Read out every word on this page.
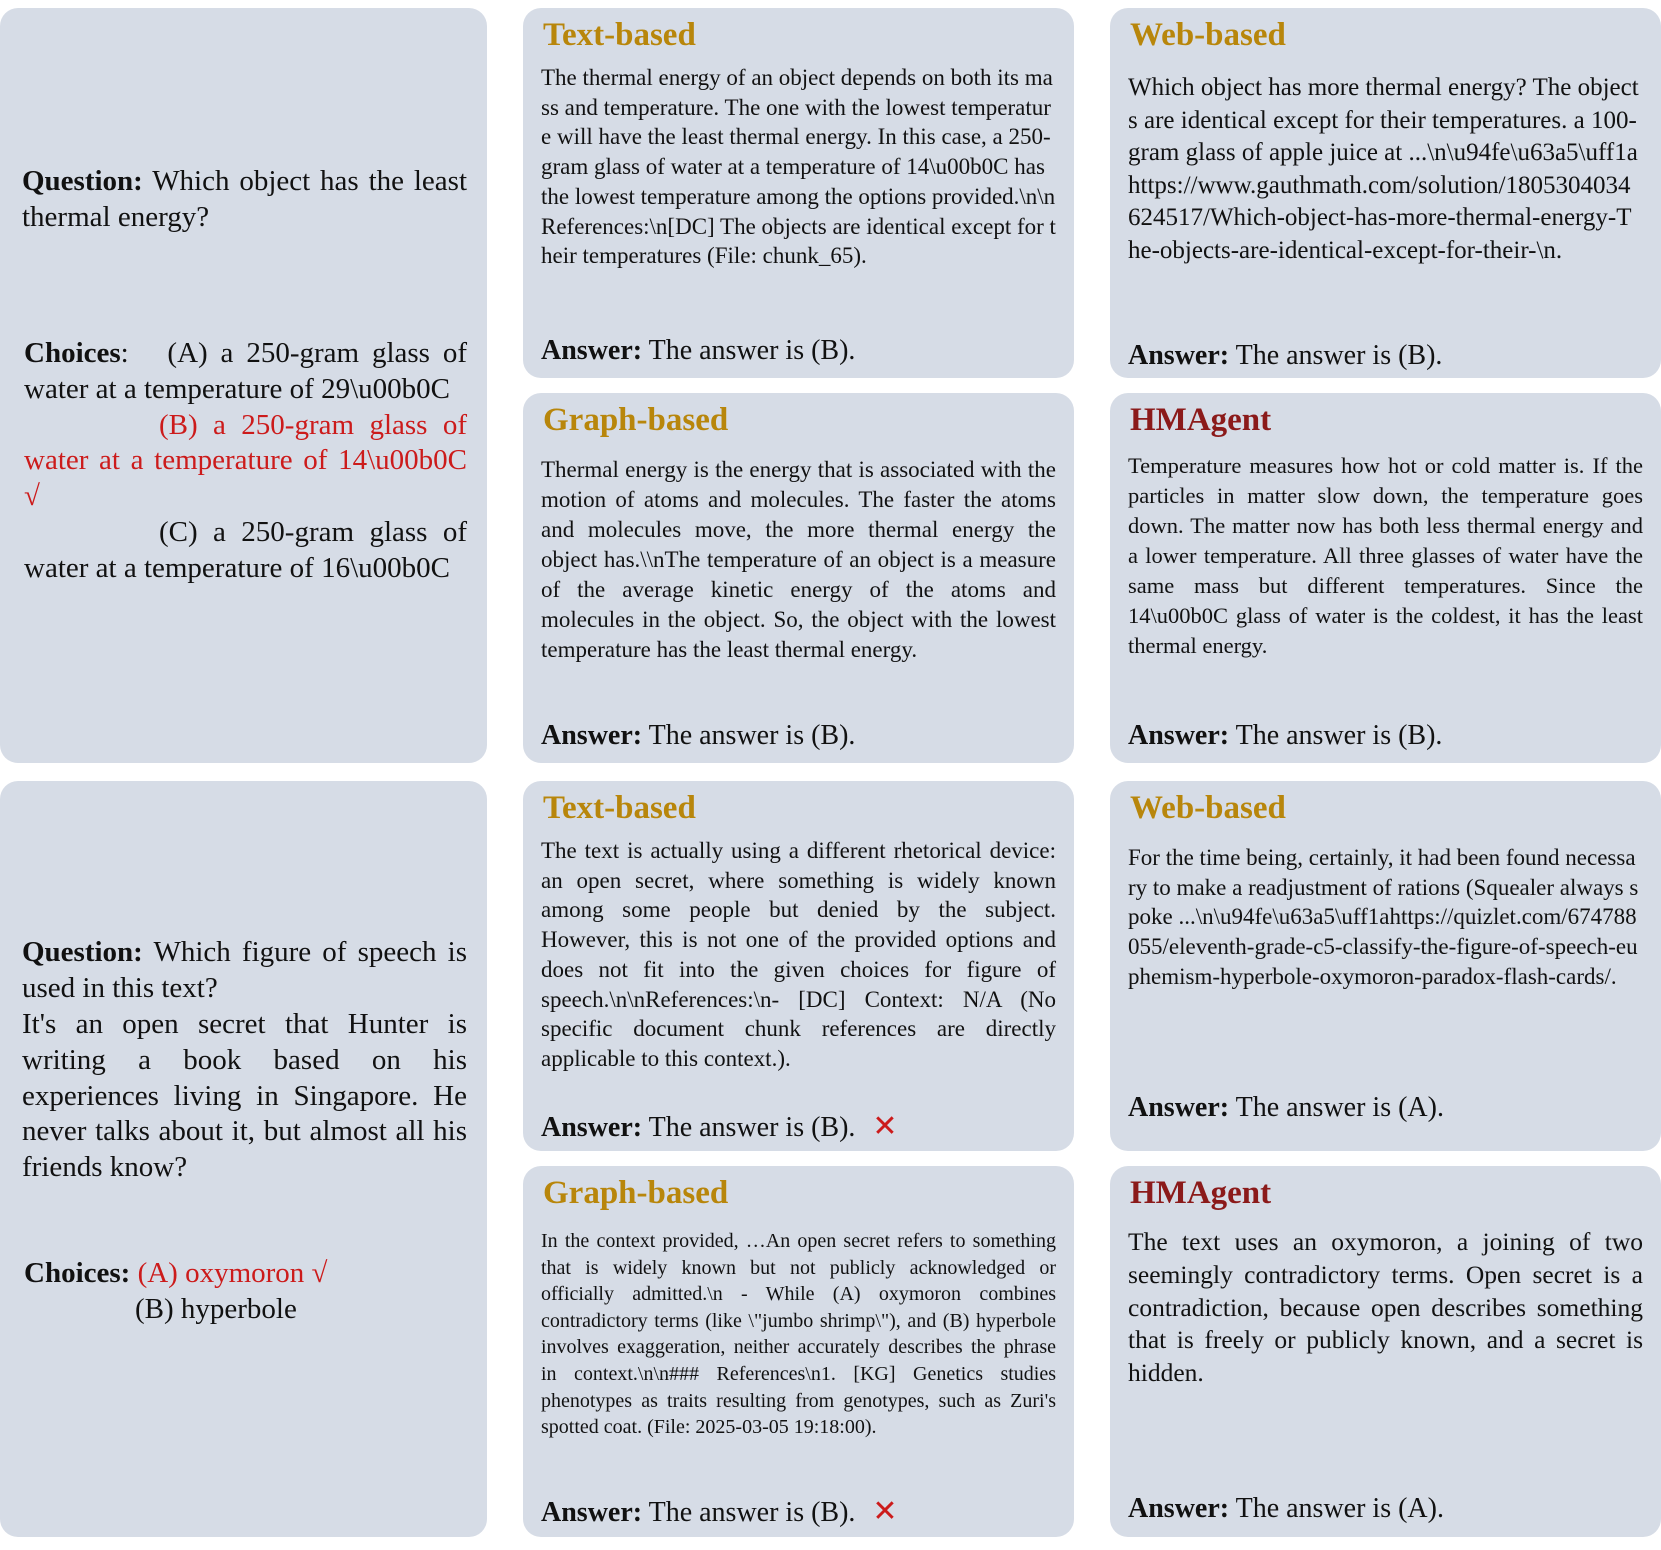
Question: Which object has the least thermal energy?
Choices:   (A) a 250-gram glass of water at a temperature of 29\u00b0C
(B) a 250-gram glass of water at a temperature of 14\u00b0C √
(C) a 250-gram glass of water at a temperature of 16\u00b0C
Text-based
The thermal energy of an object depends on both its mass and temperature. The one with the lowest temperature will have the least thermal energy. In this case, a 250-gram glass of water at a temperature of 14\u00b0C has the lowest temperature among the options provided.\n\nReferences:\n[DC] The objects are identical except for their temperatures (File: chunk_65).
Answer: The answer is (B).
Web-based
Which object has more thermal energy? The objects are identical except for their temperatures. a 100-gram glass of apple juice at ...\n\u94fe\u63a5\uff1ahttps://www.gauthmath.com/solution/1805304034624517/Which-object-has-more-thermal-energy-The-objects-are-identical-except-for-their-\n.
Answer: The answer is (B).
Graph-based
Thermal energy is the energy that is associated with the motion of atoms and molecules. The faster the atoms and molecules move, the more thermal energy the object has.\\nThe temperature of an object is a measure of the average kinetic energy of the atoms and molecules in the object. So, the object with the lowest temperature has the least thermal energy.
Answer: The answer is (B).
HMAgent
Temperature measures how hot or cold matter is. If the particles in matter slow down, the temperature goes down. The matter now has both less thermal energy and a lower temperature. All three glasses of water have the same mass but different temperatures. Since the 14\u00b0C glass of water is the coldest, it has the least thermal energy.
Answer: The answer is (B).
Question: Which figure of speech is used in this text?
It's an open secret that Hunter is writing a book based on his experiences living in Singapore. He never talks about it, but almost all his friends know?
Choices: (A) oxymoron √
(B) hyperbole
Text-based
The text is actually using a different rhetorical device: an open secret, where something is widely known among some people but denied by the subject. However, this is not one of the provided options and does not fit into the given choices for figure of speech.\n\nReferences:\n- [DC] Context: N/A (No specific document chunk references are directly applicable to this context.).
Answer: The answer is (B). ✕
Web-based
For the time being, certainly, it had been found necessary to make a readjustment of rations (Squealer always spoke ...\n\u94fe\u63a5\uff1ahttps://quizlet.com/674788055/eleventh-grade-c5-classify-the-figure-of-speech-euphemism-hyperbole-oxymoron-paradox-flash-cards/.
Answer: The answer is (A).
Graph-based
In the context provided, …An open secret refers to something that is widely known but not publicly acknowledged or officially admitted.\n - While (A) oxymoron combines contradictory terms (like \"jumbo shrimp\"), and (B) hyperbole involves exaggeration, neither accurately describes the phrase in context.\n\n### References\n1. [KG] Genetics studies phenotypes as traits resulting from genotypes, such as Zuri's spotted coat. (File: 2025-03-05 19:18:00).
Answer: The answer is (B). ✕
HMAgent
The text uses an oxymoron, a joining of two seemingly contradictory terms. Open secret is a contradiction, because open describes something that is freely or publicly known, and a secret is hidden.
Answer: The answer is (A).
